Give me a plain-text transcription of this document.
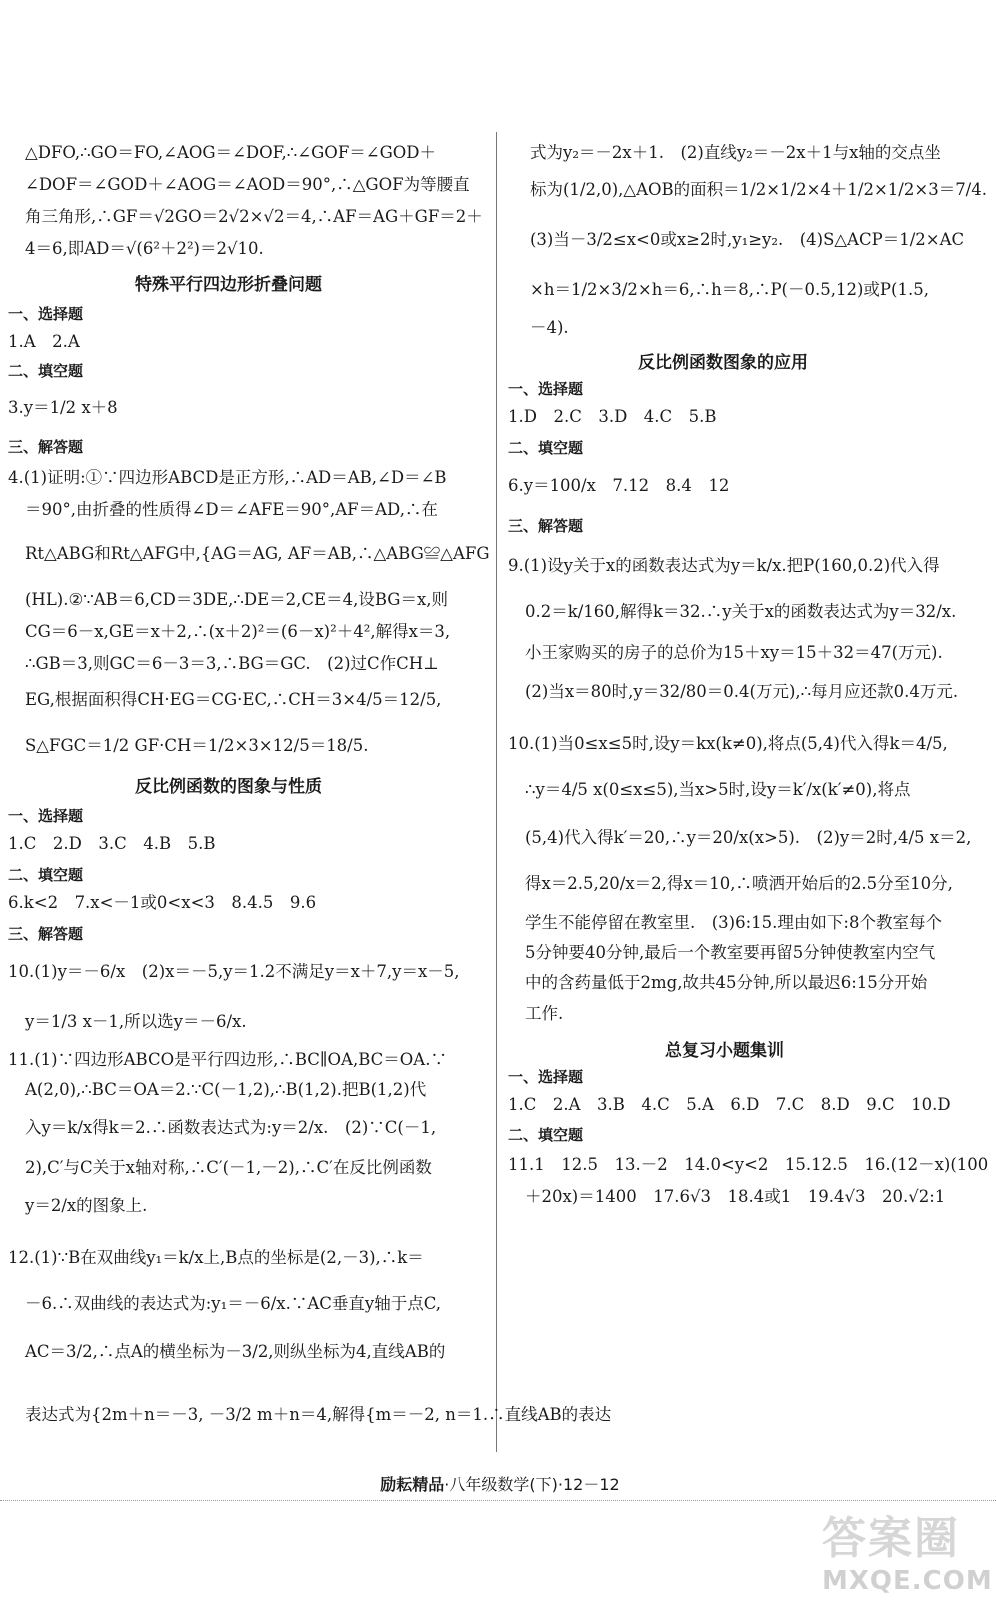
△DFO,∴GO＝FO,∠AOG＝∠DOF,∴∠GOF＝∠GOD＋
∠DOF＝∠GOD＋∠AOG＝∠AOD＝90°,∴△GOF为等腰直
角三角形,∴GF＝√2GO＝2√2×√2＝4,∴AF＝AG＋GF＝2＋
4＝6,即AD＝√(6²＋2²)＝2√10.
特殊平行四边形折叠问题
一、选择题
1.A　2.A
二、填空题
3.y＝1/2 x＋8
三、解答题
4.(1)证明:①∵四边形ABCD是正方形,∴AD＝AB,∠D＝∠B
＝90°,由折叠的性质得∠D＝∠AFE＝90°,AF＝AD,∴在
Rt△ABG和Rt△AFG中,{AG＝AG, AF＝AB,∴△ABG≌△AFG
(HL).②∵AB＝6,CD＝3DE,∴DE＝2,CE＝4,设BG＝x,则
CG＝6－x,GE＝x＋2,∴(x＋2)²＝(6－x)²＋4²,解得x＝3,
∴GB＝3,则GC＝6－3＝3,∴BG＝GC.　(2)过C作CH⊥
EG,根据面积得CH·EG＝CG·EC,∴CH＝3×4/5＝12/5,
S△FGC＝1/2 GF·CH＝1/2×3×12/5＝18/5.
反比例函数的图象与性质
一、选择题
1.C　2.D　3.C　4.B　5.B
二、填空题
6.k<2　7.x<－1或0<x<3　8.4.5　9.6
三、解答题
10.(1)y＝－6/x　(2)x＝－5,y＝1.2不满足y＝x＋7,y＝x－5,
y＝1/3 x－1,所以选y＝－6/x.
11.(1)∵四边形ABCO是平行四边形,∴BC∥OA,BC＝OA.∵
A(2,0),∴BC＝OA＝2.∵C(－1,2),∴B(1,2).把B(1,2)代
入y＝k/x得k＝2.∴函数表达式为:y＝2/x.　(2)∵C(－1,
2),C′与C关于x轴对称,∴C′(－1,－2),∴C′在反比例函数
y＝2/x的图象上.
12.(1)∵B在双曲线y₁＝k/x上,B点的坐标是(2,－3),∴k＝
－6.∴双曲线的表达式为:y₁＝－6/x.∵AC垂直y轴于点C,
AC＝3/2,∴点A的横坐标为－3/2,则纵坐标为4,直线AB的
表达式为{2m＋n＝－3, －3/2 m＋n＝4,解得{m＝－2, n＝1.∴直线AB的表达
式为y₂＝－2x＋1.　(2)直线y₂＝－2x＋1与x轴的交点坐
标为(1/2,0),△AOB的面积＝1/2×1/2×4＋1/2×1/2×3＝7/4.
(3)当－3/2≤x<0或x≥2时,y₁≥y₂.　(4)S△ACP＝1/2×AC
×h＝1/2×3/2×h＝6,∴h＝8,∴P(－0.5,12)或P(1.5,
－4).
反比例函数图象的应用
一、选择题
1.D　2.C　3.D　4.C　5.B
二、填空题
6.y＝100/x　7.12　8.4　12
三、解答题
9.(1)设y关于x的函数表达式为y＝k/x.把P(160,0.2)代入得
0.2＝k/160,解得k＝32.∴y关于x的函数表达式为y＝32/x.
小王家购买的房子的总价为15＋xy＝15＋32＝47(万元).
(2)当x＝80时,y＝32/80＝0.4(万元),∴每月应还款0.4万元.
10.(1)当0≤x≤5时,设y＝kx(k≠0),将点(5,4)代入得k＝4/5,
∴y＝4/5 x(0≤x≤5),当x>5时,设y＝k′/x(k′≠0),将点
(5,4)代入得k′＝20,∴y＝20/x(x>5).　(2)y＝2时,4/5 x＝2,
得x＝2.5,20/x＝2,得x＝10,∴喷洒开始后的2.5分至10分,
学生不能停留在教室里.　(3)6:15.理由如下:8个教室每个
5分钟要40分钟,最后一个教室要再留5分钟使教室内空气
中的含药量低于2mg,故共45分钟,所以最迟6:15分开始
工作.
总复习小题集训
一、选择题
1.C　2.A　3.B　4.C　5.A　6.D　7.C　8.D　9.C　10.D
二、填空题
11.1　12.5　13.－2　14.0<y<2　15.12.5　16.(12－x)(100
＋20x)＝1400　17.6√3　18.4或1　19.4√3　20.√2:1
励耘精品·八年级数学(下)·12－12
答案圈
MXQE.COM
